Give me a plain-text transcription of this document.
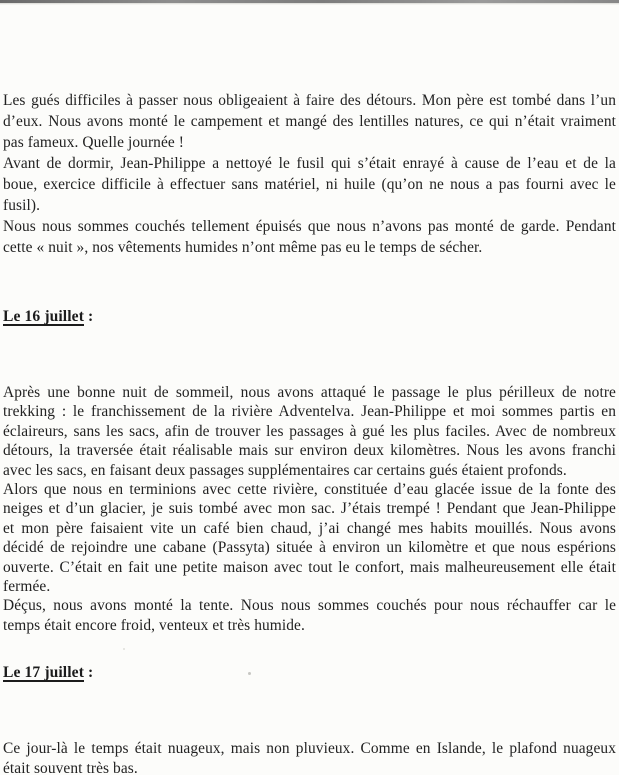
Les gués difficiles à passer nous obligeaient à faire des détours. Mon père est tombé dans l’un
d’eux. Nous avons monté le campement et mangé des lentilles natures, ce qui n’était vraiment
pas fameux. Quelle journée !
Avant de dormir, Jean-Philippe a nettoyé le fusil qui s’était enrayé à cause de l’eau et de la
boue, exercice difficile à effectuer sans matériel, ni huile (qu’on ne nous a pas fourni avec le
fusil).
Nous nous sommes couchés tellement épuisés que nous n’avons pas monté de garde. Pendant
cette « nuit », nos vêtements humides n’ont même pas eu le temps de sécher.
Le 16 juillet :
Après une bonne nuit de sommeil, nous avons attaqué le passage le plus périlleux de notre
trekking : le franchissement de la rivière Adventelva. Jean-Philippe et moi sommes partis en
éclaireurs, sans les sacs, afin de trouver les passages à gué les plus faciles. Avec de nombreux
détours, la traversée était réalisable mais sur environ deux kilomètres. Nous les avons franchi
avec les sacs, en faisant deux passages supplémentaires car certains gués étaient profonds.
Alors que nous en terminions avec cette rivière, constituée d’eau glacée issue de la fonte des
neiges et d’un glacier, je suis tombé avec mon sac. J’étais trempé ! Pendant que Jean-Philippe
et mon père faisaient vite un café bien chaud, j’ai changé mes habits mouillés. Nous avons
décidé de rejoindre une cabane (Passyta) située à environ un kilomètre et que nous espérions
ouverte. C’était en fait une petite maison avec tout le confort, mais malheureusement elle était
fermée.
Déçus, nous avons monté la tente. Nous nous sommes couchés pour nous réchauffer car le
temps était encore froid, venteux et très humide.
Le 17 juillet :
Ce jour-là le temps était nuageux, mais non pluvieux. Comme en Islande, le plafond nuageux
était souvent très bas.
